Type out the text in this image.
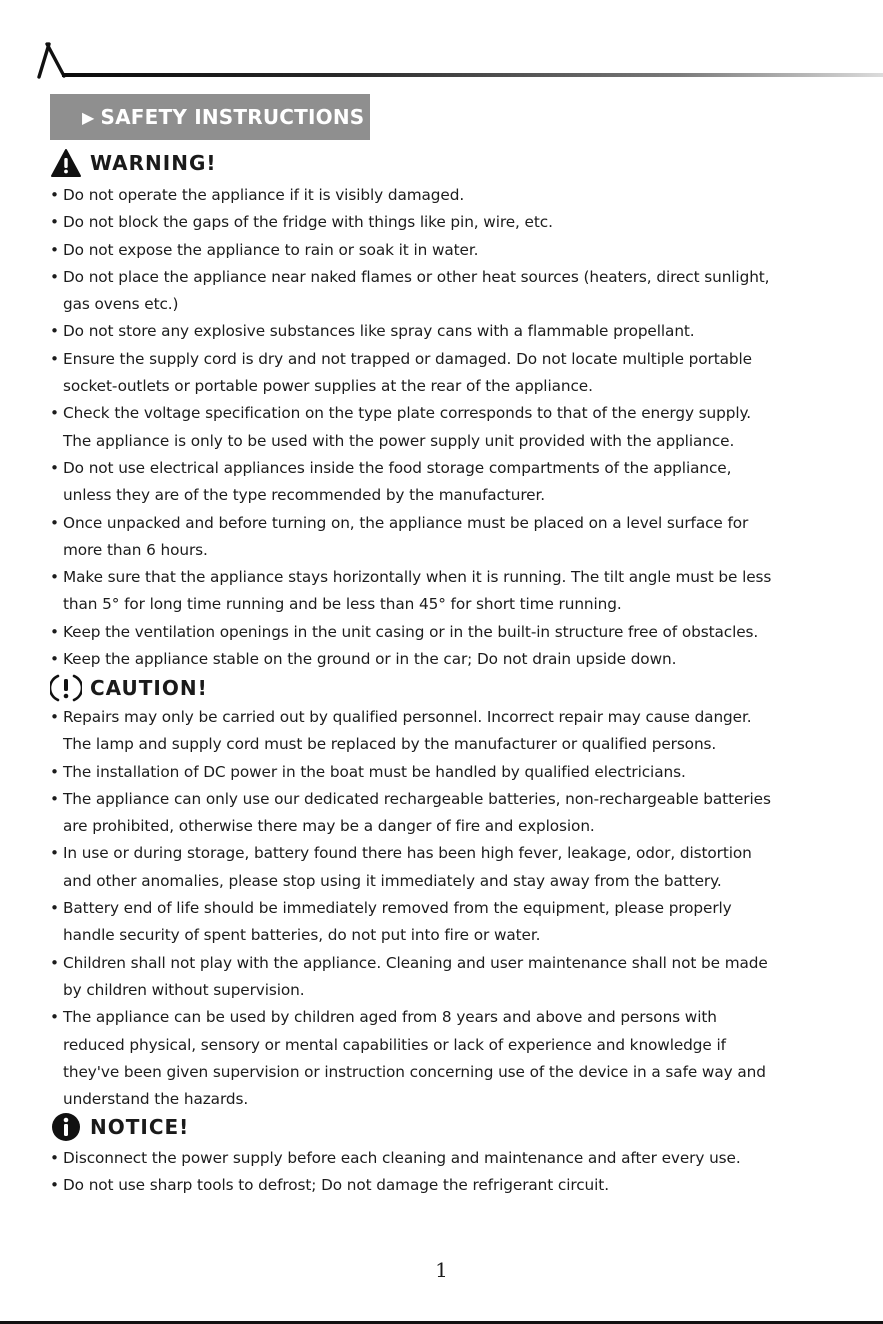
▶ SAFETY INSTRUCTIONS
WARNING!
• Do not operate the appliance if it is visibly damaged.
• Do not block the gaps of the fridge with things like pin, wire, etc.
• Do not expose the appliance to rain or soak it in water.
• Do not place the appliance near naked flames or other heat sources (heaters, direct sunlight,
gas ovens etc.)
• Do not store any explosive substances like spray cans with a flammable propellant.
• Ensure the supply cord is dry and not trapped or damaged. Do not locate multiple portable
socket-outlets or portable power supplies at the rear of the appliance.
• Check the voltage specification on the type plate corresponds to that of the energy supply.
The appliance is only to be used with the power supply unit provided with the appliance.
• Do not use electrical appliances inside the food storage compartments of the appliance,
unless they are of the type recommended by the manufacturer.
• Once unpacked and before turning on, the appliance must be placed on a level surface for
more than 6 hours.
• Make sure that the appliance stays horizontally when it is running. The tilt angle must be less
than 5° for long time running and be less than 45° for short time running.
• Keep the ventilation openings in the unit casing or in the built-in structure free of obstacles.
• Keep the appliance stable on the ground or in the car; Do not drain upside down.
CAUTION!
• Repairs may only be carried out by qualified personnel. Incorrect repair may cause danger.
The lamp and supply cord must be replaced by the manufacturer or qualified persons.
• The installation of DC power in the boat must be handled by qualified electricians.
• The appliance can only use our dedicated rechargeable batteries, non-rechargeable batteries
are prohibited, otherwise there may be a danger of fire and explosion.
• In use or during storage, battery found there has been high fever, leakage, odor, distortion
and other anomalies, please stop using it immediately and stay away from the battery.
• Battery end of life should be immediately removed from the equipment, please properly
handle security of spent batteries, do not put into fire or water.
• Children shall not play with the appliance. Cleaning and user maintenance shall not be made
by children without supervision.
• The appliance can be used by children aged from 8 years and above and persons with
reduced physical, sensory or mental capabilities or lack of experience and knowledge if
they've been given supervision or instruction concerning use of the device in a safe way and
understand the hazards.
NOTICE!
• Disconnect the power supply before each cleaning and maintenance and after every use.
• Do not use sharp tools to defrost; Do not damage the refrigerant circuit.
1
